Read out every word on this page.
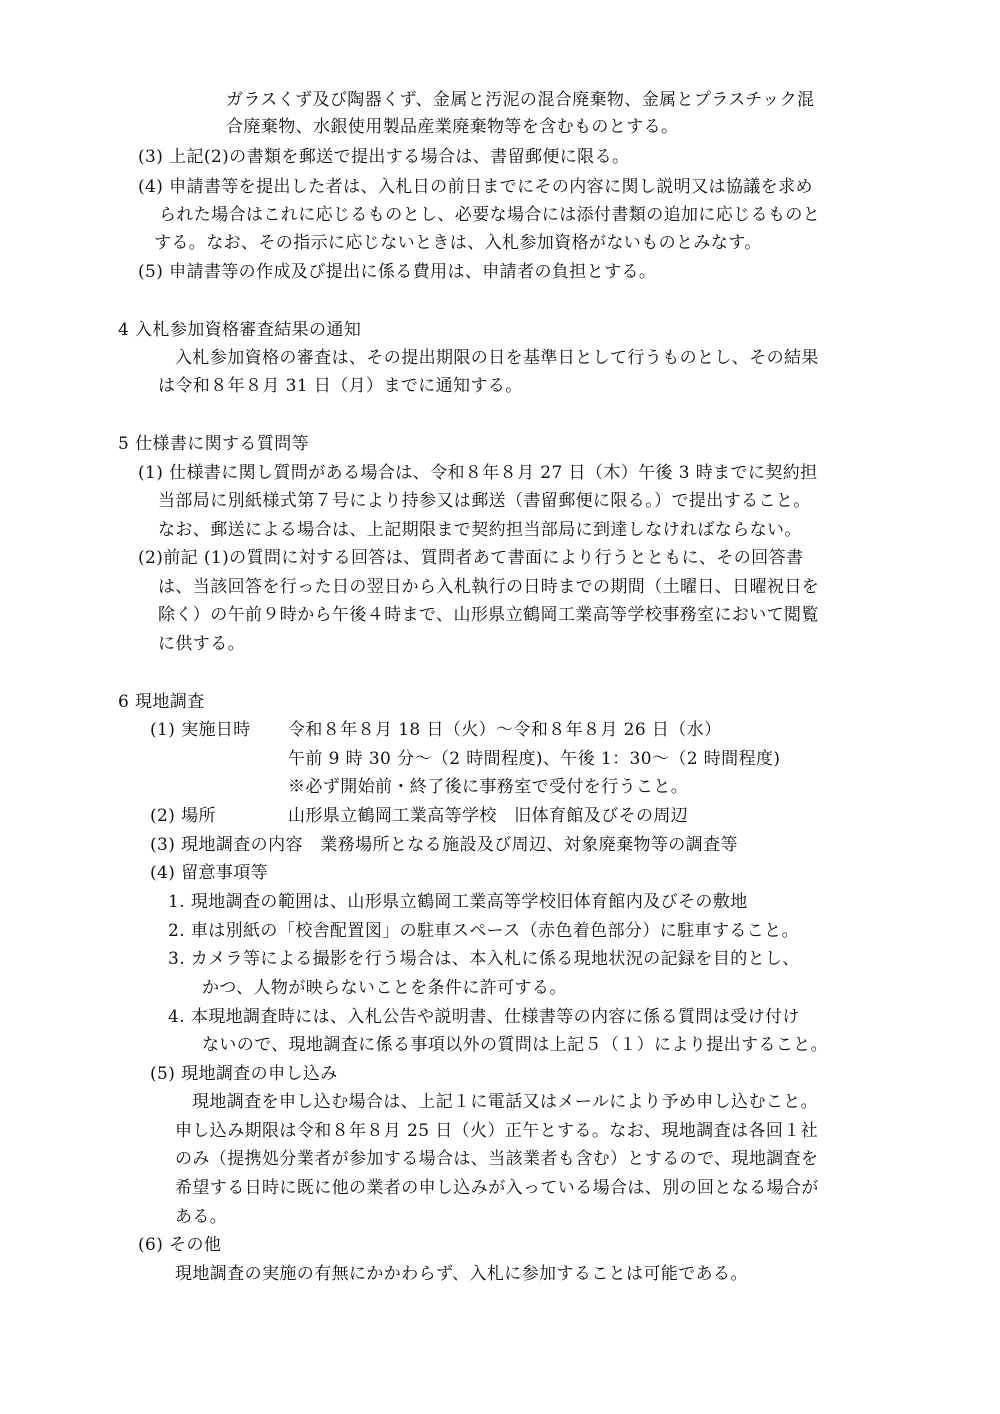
ガラスくず及び陶器くず、金属と汚泥の混合廃棄物、金属とプラスチック混
合廃棄物、水銀使用製品産業廃棄物等を含むものとする。
(3) 上記(2)の書類を郵送で提出する場合は、書留郵便に限る。
(4) 申請書等を提出した者は、入札日の前日までにその内容に関し説明又は協議を求め
られた場合はこれに応じるものとし、必要な場合には添付書類の追加に応じるものと
する。なお、その指示に応じないときは、入札参加資格がないものとみなす。
(5) 申請書等の作成及び提出に係る費用は、申請者の負担とする。
4 入札参加資格審査結果の通知
入札参加資格の審査は、その提出期限の日を基準日として行うものとし、その結果
は令和８年８月 31 日（月）までに通知する。
5 仕様書に関する質問等
(1) 仕様書に関し質問がある場合は、令和８年８月 27 日（木）午後 3 時までに契約担
当部局に別紙様式第７号により持参又は郵送（書留郵便に限る。）で提出すること。
なお、郵送による場合は、上記期限まで契約担当部局に到達しなければならない。
(2)前記 (1)の質問に対する回答は、質問者あて書面により行うとともに、その回答書
は、当該回答を行った日の翌日から入札執行の日時までの期間（土曜日、日曜祝日を
除く）の午前９時から午後４時まで、山形県立鶴岡工業高等学校事務室において閲覧
に供する。
6 現地調査
(1) 実施日時 令和８年８月 18 日（火）～令和８年８月 26 日（水）
午前 9 時 30 分～（2 時間程度)、午後 1：30～（2 時間程度)
※必ず開始前・終了後に事務室で受付を行うこと。
(2) 場所	山形県立鶴岡工業高等学校　旧体育館及びその周辺
(3) 現地調査の内容　業務場所となる施設及び周辺、対象廃棄物等の調査等
(4) 留意事項等
1. 現地調査の範囲は、山形県立鶴岡工業高等学校旧体育館内及びその敷地
2. 車は別紙の「校舎配置図」の駐車スペース（赤色着色部分）に駐車すること。
3. カメラ等による撮影を行う場合は、本入札に係る現地状況の記録を目的とし、
かつ、人物が映らないことを条件に許可する。
4. 本現地調査時には、入札公告や説明書、仕様書等の内容に係る質問は受け付け
ないので、現地調査に係る事項以外の質問は上記５（１）により提出すること。
(5) 現地調査の申し込み
現地調査を申し込む場合は、上記１に電話又はメールにより予め申し込むこと。
申し込み期限は令和８年８月 25 日（火）正午とする。なお、現地調査は各回１社
のみ（提携処分業者が参加する場合は、当該業者も含む）とするので、現地調査を
希望する日時に既に他の業者の申し込みが入っている場合は、別の回となる場合が
ある。
(6) その他
現地調査の実施の有無にかかわらず、入札に参加することは可能である。
